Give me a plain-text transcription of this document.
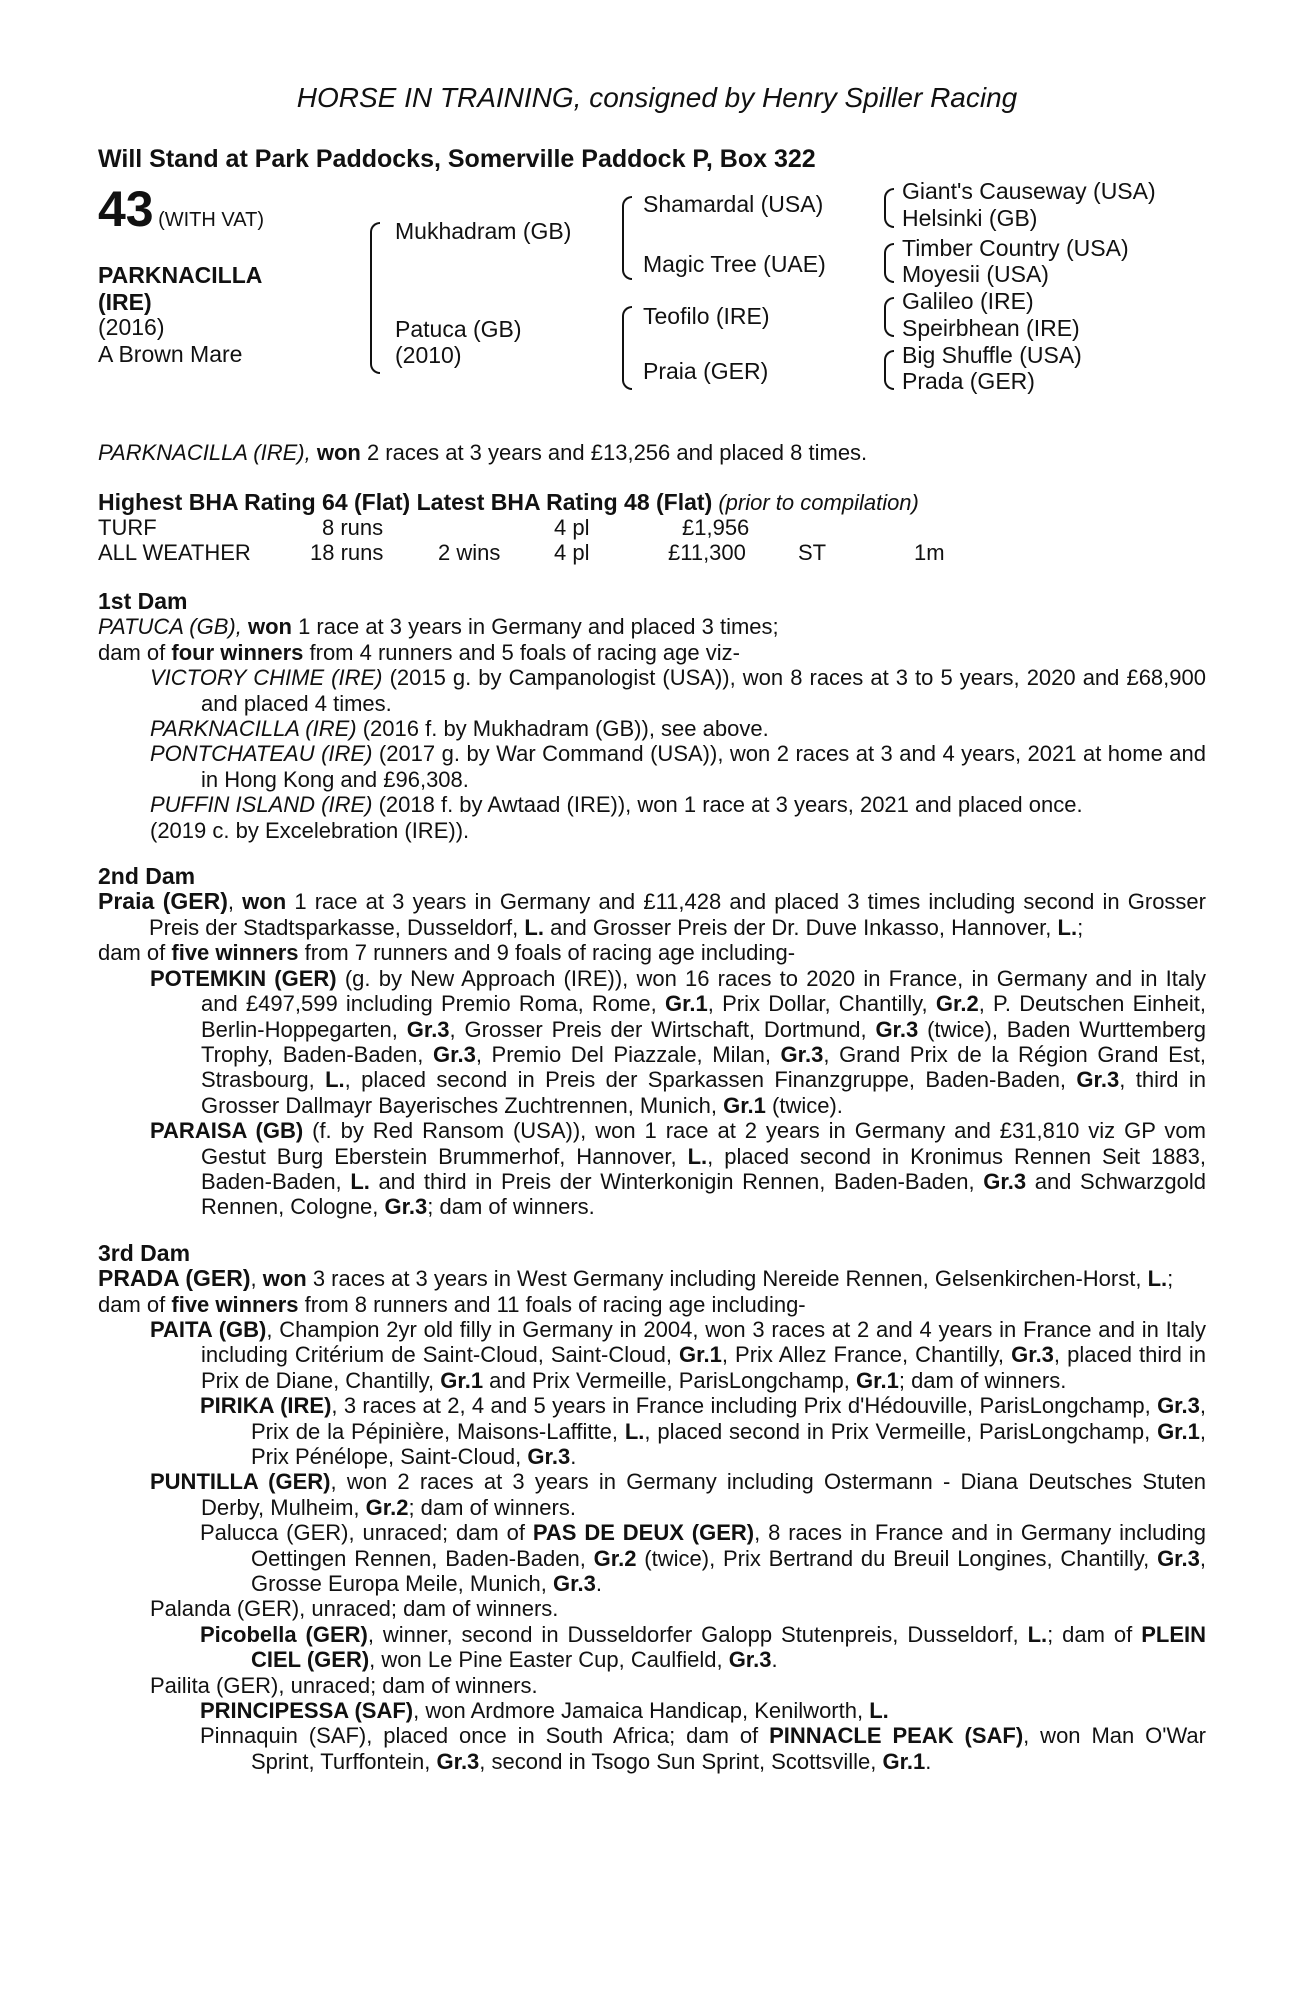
HORSE IN TRAINING, consigned by Henry Spiller Racing
Will Stand at Park Paddocks, Somerville Paddock P, Box 322
43 (WITH VAT)
PARKNACILLA
(IRE)
(2016)
A Brown Mare
Mukhadram (GB)
Patuca (GB)
(2010)
Shamardal (USA)
Magic Tree (UAE)
Teofilo (IRE)
Praia (GER)
Giant's Causeway (USA)
Helsinki (GB)
Timber Country (USA)
Moyesii (USA)
Galileo (IRE)
Speirbhean (IRE)
Big Shuffle (USA)
Prada (GER)

PARKNACILLA (IRE), won 2 races at 3 years and £13,256 and placed 8 times.

Highest BHA Rating 64 (Flat) Latest BHA Rating 48 (Flat) (prior to compilation)

TURF	8 runs	4 pl	£1,956
ALL WEATHER	18 runs 2 wins 4 pl	£11,300 ST	1m

1st Dam

PATUCA (GB), won 1 race at 3 years in Germany and placed 3 times;

dam of four winners from 4 runners and 5 foals of racing age viz-

VICTORY CHIME (IRE) (2015 g. by Campanologist (USA)), won 8 races at 3 to 5 years, 2020 and £68,900 and placed 4 times.

PARKNACILLA (IRE) (2016 f. by Mukhadram (GB)), see above.

PONTCHATEAU (IRE) (2017 g. by War Command (USA)), won 2 races at 3 and 4 years, 2021 at home and in Hong Kong and £96,308.

PUFFIN ISLAND (IRE) (2018 f. by Awtaad (IRE)), won 1 race at 3 years, 2021 and placed once.

(2019 c. by Excelebration (IRE)).

2nd Dam

Praia (GER), won 1 race at 3 years in Germany and £11,428 and placed 3 times including second in Grosser Preis der Stadtsparkasse, Dusseldorf, L. and Grosser Preis der Dr. Duve Inkasso, Hannover, L.;

dam of five winners from 7 runners and 9 foals of racing age including-

POTEMKIN (GER) (g. by New Approach (IRE)), won 16 races to 2020 in France, in Germany and in Italy and £497,599 including Premio Roma, Rome, Gr.1, Prix Dollar, Chantilly, Gr.2, P. Deutschen Einheit, Berlin-Hoppegarten, Gr.3, Grosser Preis der Wirtschaft, Dortmund, Gr.3 (twice), Baden Wurttemberg Trophy, Baden-Baden, Gr.3, Premio Del Piazzale, Milan, Gr.3, Grand Prix de la Région Grand Est, Strasbourg, L., placed second in Preis der Sparkassen Finanzgruppe, Baden-Baden, Gr.3, third in Grosser Dallmayr Bayerisches Zuchtrennen, Munich, Gr.1 (twice).

PARAISA (GB) (f. by Red Ransom (USA)), won 1 race at 2 years in Germany and £31,810 viz GP vom Gestut Burg Eberstein Brummerhof, Hannover, L., placed second in Kronimus Rennen Seit 1883, Baden-Baden, L. and third in Preis der Winterkonigin Rennen, Baden-Baden, Gr.3 and Schwarzgold Rennen, Cologne, Gr.3; dam of winners.

3rd Dam

PRADA (GER), won 3 races at 3 years in West Germany including Nereide Rennen, Gelsenkirchen-Horst, L.;

dam of five winners from 8 runners and 11 foals of racing age including-

PAITA (GB), Champion 2yr old filly in Germany in 2004, won 3 races at 2 and 4 years in France and in Italy including Critérium de Saint-Cloud, Saint-Cloud, Gr.1, Prix Allez France, Chantilly, Gr.3, placed third in Prix de Diane, Chantilly, Gr.1 and Prix Vermeille, ParisLongchamp, Gr.1; dam of winners.

PIRIKA (IRE), 3 races at 2, 4 and 5 years in France including Prix d'Hédouville, ParisLongchamp, Gr.3, Prix de la Pépinière, Maisons-Laffitte, L., placed second in Prix Vermeille, ParisLongchamp, Gr.1, Prix Pénélope, Saint-Cloud, Gr.3.

PUNTILLA (GER), won 2 races at 3 years in Germany including Ostermann - Diana Deutsches Stuten Derby, Mulheim, Gr.2; dam of winners.

Palucca (GER), unraced; dam of PAS DE DEUX (GER), 8 races in France and in Germany including Oettingen Rennen, Baden-Baden, Gr.2 (twice), Prix Bertrand du Breuil Longines, Chantilly, Gr.3, Grosse Europa Meile, Munich, Gr.3.

Palanda (GER), unraced; dam of winners.

Picobella (GER), winner, second in Dusseldorfer Galopp Stutenpreis, Dusseldorf, L.; dam of PLEIN CIEL (GER), won Le Pine Easter Cup, Caulfield, Gr.3.

Pailita (GER), unraced; dam of winners.

PRINCIPESSA (SAF), won Ardmore Jamaica Handicap, Kenilworth, L.

Pinnaquin (SAF), placed once in South Africa; dam of PINNACLE PEAK (SAF), won Man O'War Sprint, Turffontein, Gr.3, second in Tsogo Sun Sprint, Scottsville, Gr.1.
